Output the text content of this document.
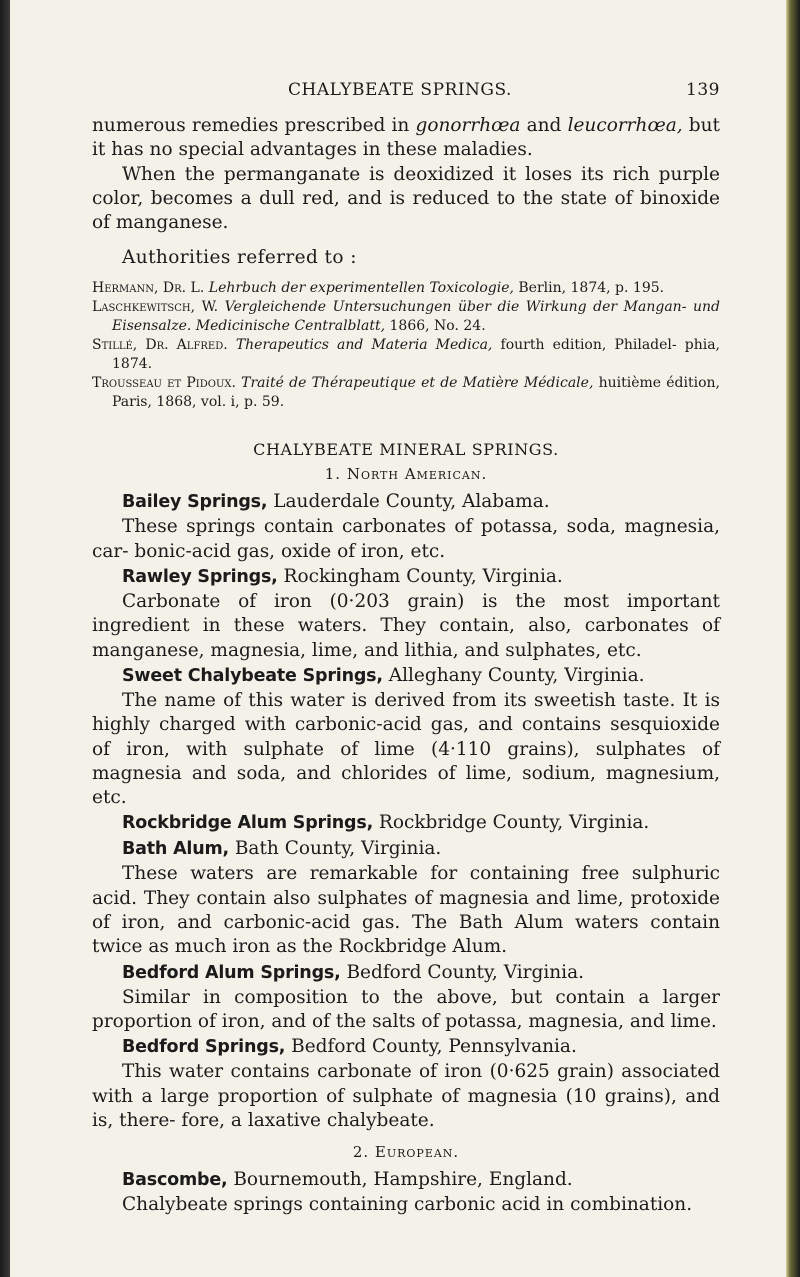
CHALYBEATE SPRINGS.	139

numerous remedies prescribed in gonorrhœa and leucorrhœa, but it has no special advantages in these maladies.

When the permanganate is deoxidized it loses its rich purple color, becomes a dull red, and is reduced to the state of binoxide of manganese.

Authorities referred to :

Hermann, Dr. L. Lehrbuch der experimentellen Toxicologie, Berlin, 1874, p. 195.

Laschkewitsch, W. Vergleichende Untersuchungen über die Wirkung der Mangan- und Eisensalze. Medicinische Centralblatt, 1866, No. 24.

Stillé, Dr. Alfred. Therapeutics and Materia Medica, fourth edition, Philadel- phia, 1874.

Trousseau et Pidoux. Traité de Thérapeutique et de Matière Médicale, huitième édition, Paris, 1868, vol. i, p. 59.

CHALYBEATE MINERAL SPRINGS.

1. North American.

Bailey Springs, Lauderdale County, Alabama.

These springs contain carbonates of potassa, soda, magnesia, car- bonic-acid gas, oxide of iron, etc.

Rawley Springs, Rockingham County, Virginia.

Carbonate of iron (0·203 grain) is the most important ingredient in these waters. They contain, also, carbonates of manganese, magnesia, lime, and lithia, and sulphates, etc.

Sweet Chalybeate Springs, Alleghany County, Virginia.

The name of this water is derived from its sweetish taste. It is highly charged with carbonic-acid gas, and contains sesquioxide of iron, with sulphate of lime (4·110 grains), sulphates of magnesia and soda, and chlorides of lime, sodium, magnesium, etc.

Rockbridge Alum Springs, Rockbridge County, Virginia.

Bath Alum, Bath County, Virginia.

These waters are remarkable for containing free sulphuric acid. They contain also sulphates of magnesia and lime, protoxide of iron, and carbonic-acid gas. The Bath Alum waters contain twice as much iron as the Rockbridge Alum.

Bedford Alum Springs, Bedford County, Virginia.

Similar in composition to the above, but contain a larger proportion of iron, and of the salts of potassa, magnesia, and lime.

Bedford Springs, Bedford County, Pennsylvania.

This water contains carbonate of iron (0·625 grain) associated with a large proportion of sulphate of magnesia (10 grains), and is, there- fore, a laxative chalybeate.

2. European.

Bascombe, Bournemouth, Hampshire, England.

Chalybeate springs containing carbonic acid in combination.
